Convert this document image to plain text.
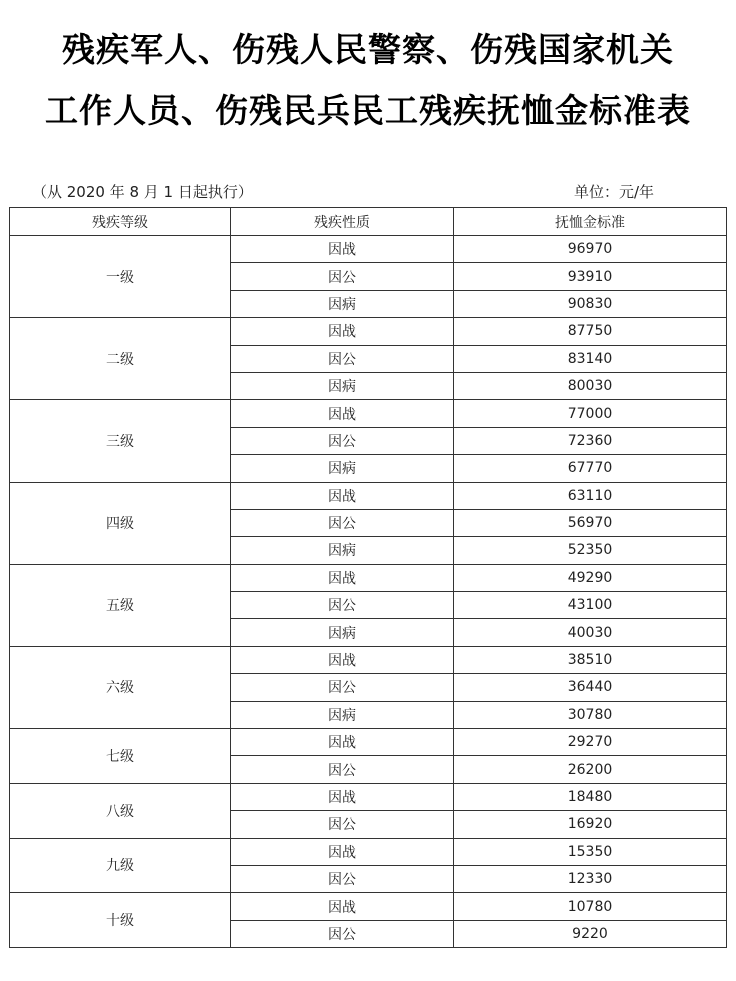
残疾军人、伤残人民警察、伤残国家机关
工作人员、伤残民兵民工残疾抚恤金标准表
（从 2020 年 8 月 1 日起执行）	单位：元/年
残疾等级	残疾性质	抚恤金标准
一级	因战	96970
	因公	93910
	因病	90830
二级	因战	87750
	因公	83140
	因病	80030
三级	因战	77000
	因公	72360
	因病	67770
四级	因战	63110
	因公	56970
	因病	52350
五级	因战	49290
	因公	43100
	因病	40030
六级	因战	38510
	因公	36440
	因病	30780
七级	因战	29270
	因公	26200
八级	因战	18480
	因公	16920
九级	因战	15350
	因公	12330
十级	因战	10780
	因公	9220
